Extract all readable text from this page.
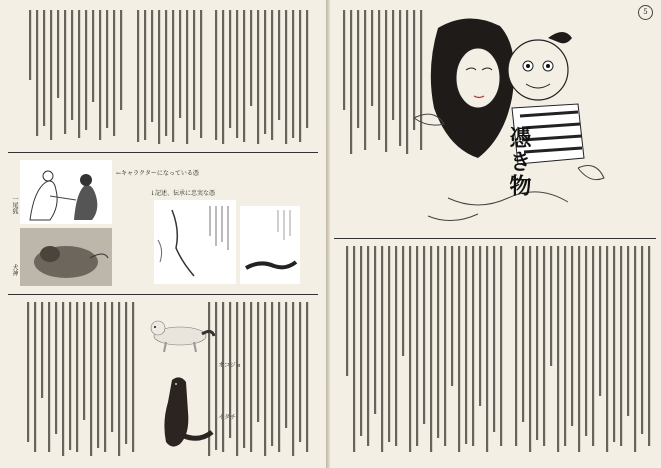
←キャラクターになっている憑
↓記述、伝承に忠実な憑
一尾狐
犬神
オコジョ
イタチ
5
憑き物
